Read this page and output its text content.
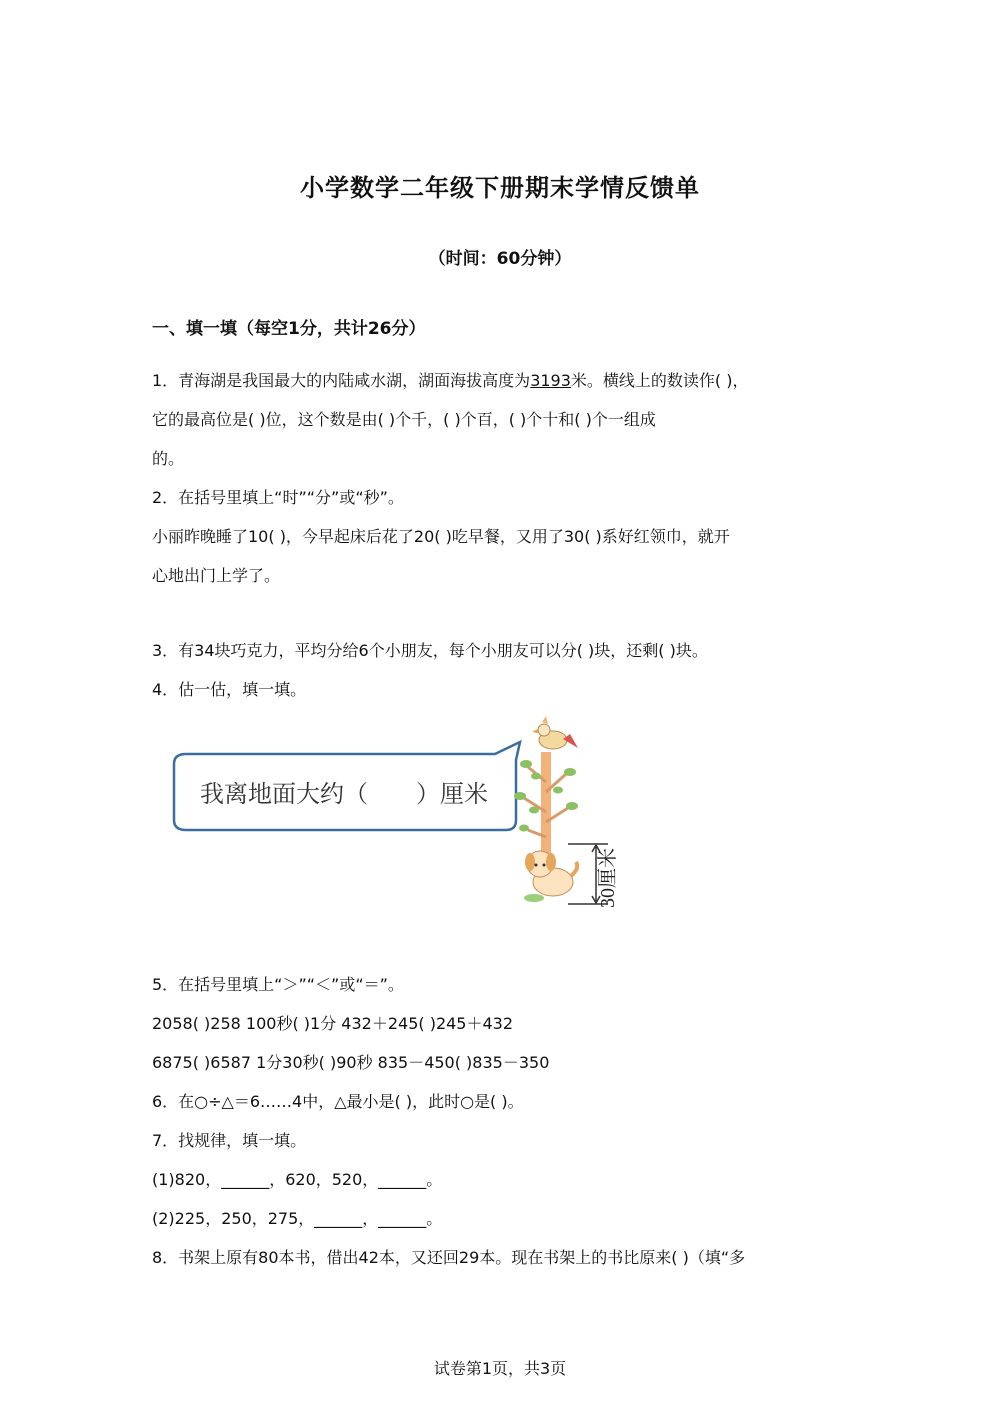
小学数学二年级下册期末学情反馈单
（时间：60分钟）
一、填一填（每空1分，共计26分）
1．青海湖是我国最大的内陆咸水湖，湖面海拔高度为3193米。横线上的数读作( )，
它的最高位是( )位，这个数是由( )个千，( )个百，( )个十和( )个一组成
的。
2．在括号里填上“时”“分”或“秒”。
小丽昨晚睡了10( )，今早起床后花了20( )吃早餐，又用了30( )系好红领巾，就开
心地出门上学了。
3．有34块巧克力，平均分给6个小朋友，每个小朋友可以分( )块，还剩( )块。
4．估一估，填一填。
我离地面大约（　　）厘米
30厘米
5．在括号里填上“＞”“＜”或“＝”。
2058( )258 100秒( )1分 432＋245( )245＋432
6875( )6587 1分30秒( )90秒 835－450( )835－350
6．在○÷△＝6……4中，△最小是( )，此时○是( )。
7．找规律，填一填。
(1)820，______，620，520，______。
(2)225，250，275，______，______。
8．书架上原有80本书，借出42本，又还回29本。现在书架上的书比原来( )（填“多
试卷第1页，共3页
